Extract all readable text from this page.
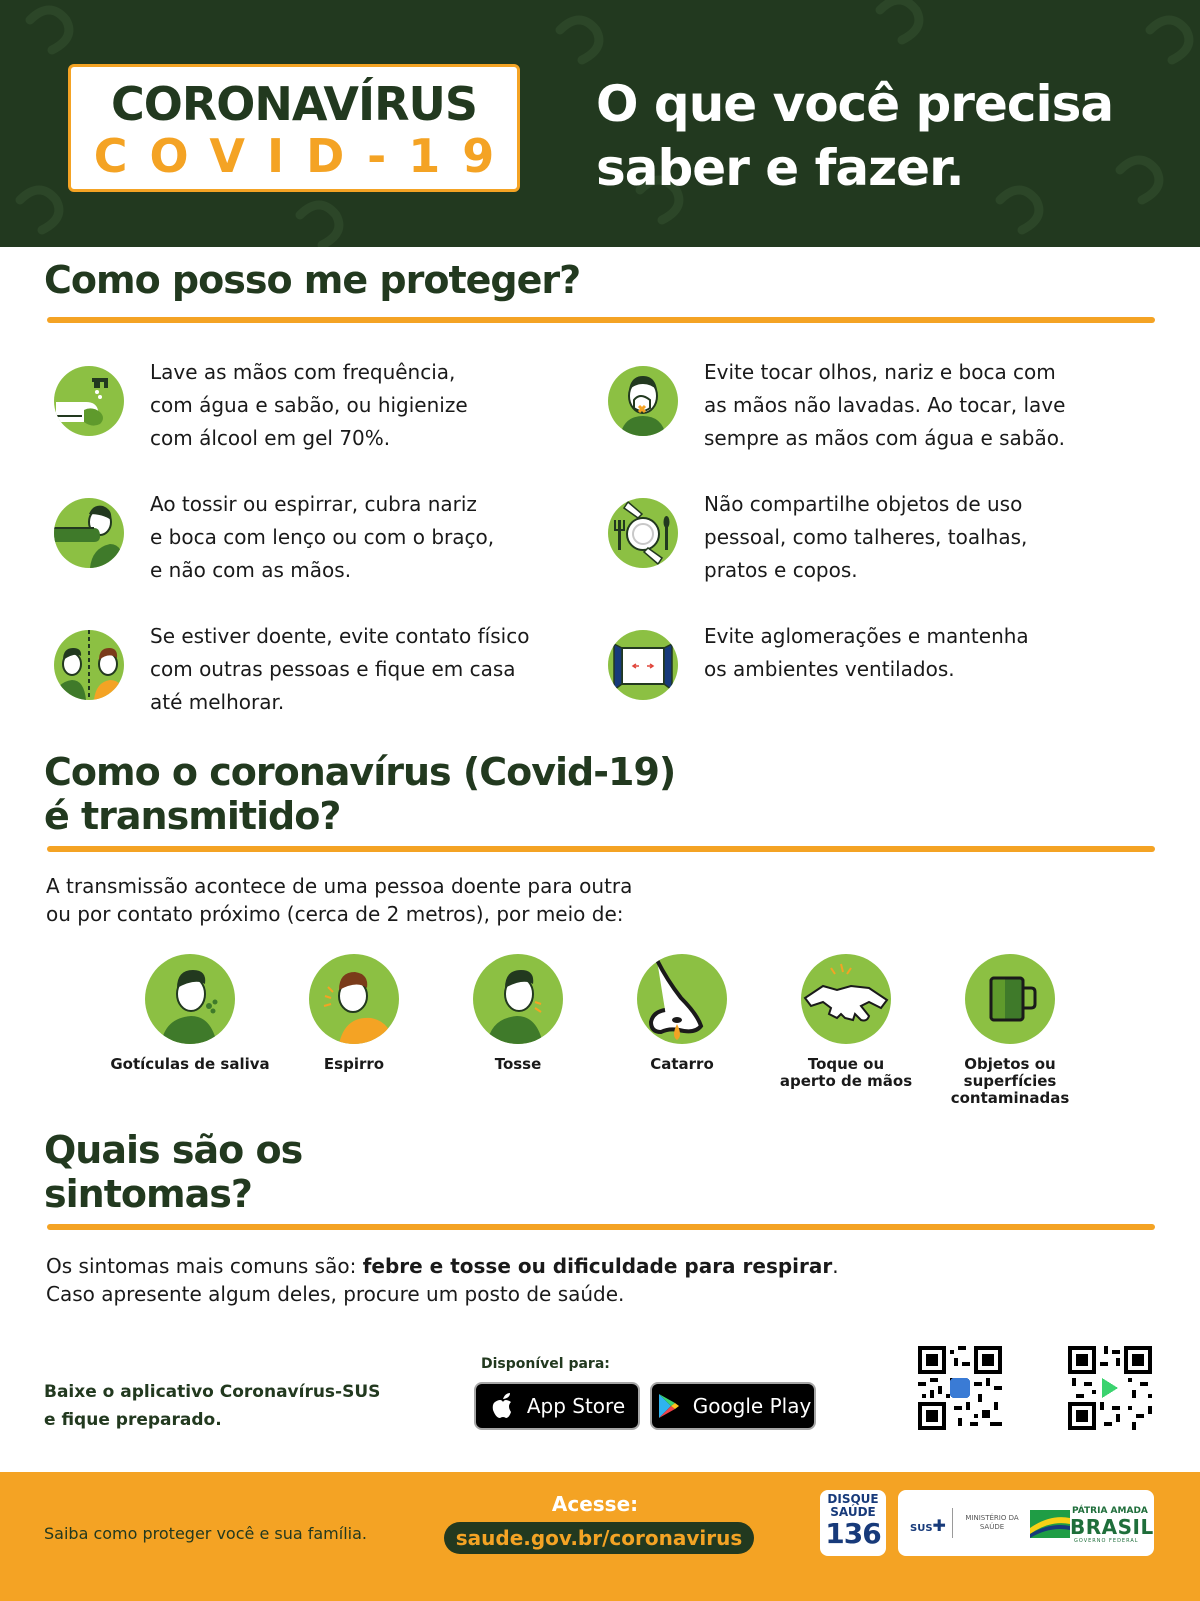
CORONAVÍRUS
COVID-19
O que você precisa
saber e fazer.
Como posso me proteger?
Lave as mãos com frequência,
com água e sabão, ou higienize
com álcool em gel 70%.
Evite tocar olhos, nariz e boca com
as mãos não lavadas. Ao tocar, lave
sempre as mãos com água e sabão.
Ao tossir ou espirrar, cubra nariz
e boca com lenço ou com o braço,
e não com as mãos.
Não compartilhe objetos de uso
pessoal, como talheres, toalhas,
pratos e copos.
Se estiver doente, evite contato físico
com outras pessoas e fique em casa
até melhorar.
Evite aglomerações e mantenha
os ambientes ventilados.
Como o coronavírus (Covid-19)
é transmitido?
A transmissão acontece de uma pessoa doente para outra
ou por contato próximo (cerca de 2 metros), por meio de:
Gotículas de saliva	Espirro	Tosse	Catarro	Toque ou
aperto de mãos
Objetos ou
superfícies
contaminadas
Quais são os
sintomas?
Os sintomas mais comuns são: febre e tosse ou dificuldade para respirar.
Caso apresente algum deles, procure um posto de saúde.
Baixe o aplicativo Coronavírus-SUS
e fique preparado.
Disponível para:
App Store	Google Play
Saiba como proteger você e sua família.
Acesse:
saude.gov.br/coronavirus
DISQUE
SAÚDE
136	SUS✚	MINISTÉRIO DA
SAÚDE
PÁTRIA AMADA
BRASIL
GOVERNO FEDERAL
